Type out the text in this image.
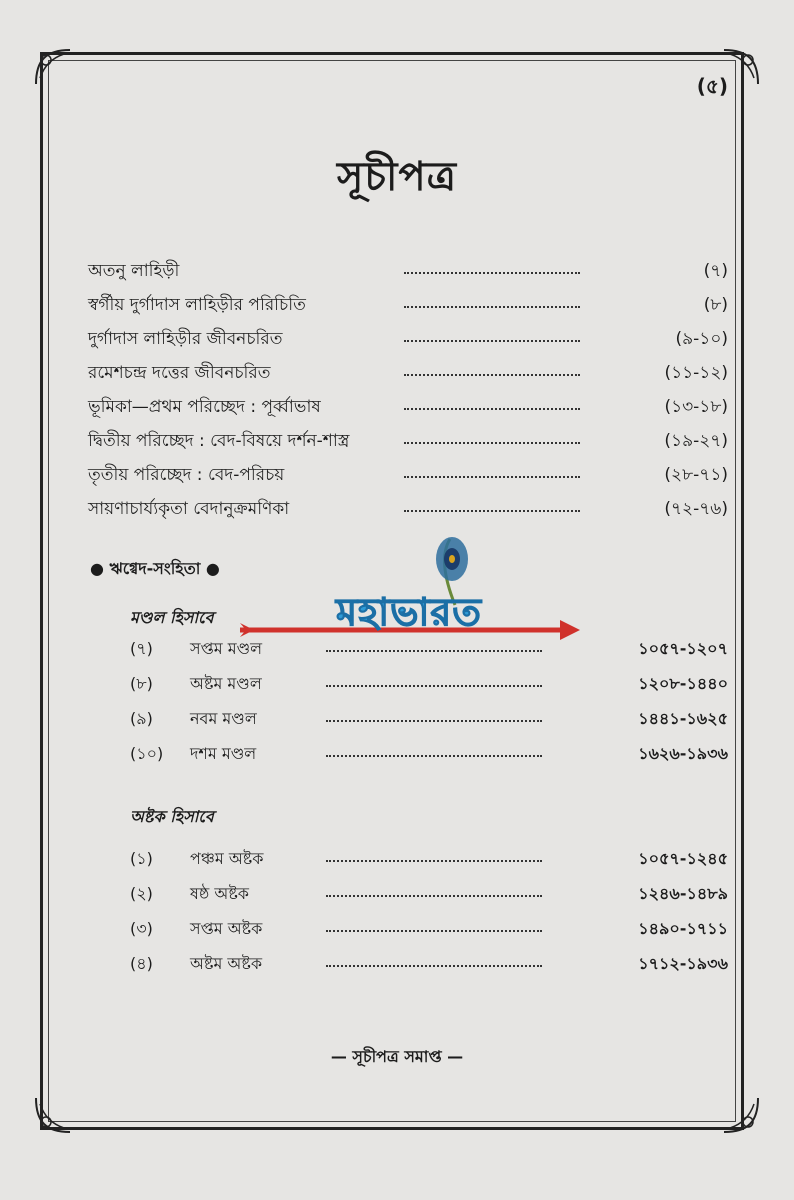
(৫)
সূচীপত্র
অতনু লাহিড়ী	(৭)
স্বর্গীয় দুর্গাদাস লাহিড়ীর পরিচিতি	(৮)
দুর্গাদাস লাহিড়ীর জীবনচরিত	(৯-১০)
রমেশচন্দ্র দত্তের জীবনচরিত	(১১-১২)
ভূমিকা—প্রথম পরিচ্ছেদ : পূর্ব্বাভাষ	(১৩-১৮)
দ্বিতীয় পরিচ্ছেদ : বেদ-বিষয়ে দর্শন-শাস্ত্র	(১৯-২৭)
তৃতীয় পরিচ্ছেদ : বেদ-পরিচয়	(২৮-৭১)
সায়ণাচার্য্যকৃতা বেদানুক্রমণিকা	(৭২-৭৬)
● ঋগ্বেদ-সংহিতা ●
মহাভারত
মণ্ডল হিসাবে
(৭) সপ্তম মণ্ডল	১০৫৭-১২০৭
(৮) অষ্টম মণ্ডল	১২০৮-১৪৪০
(৯) নবম মণ্ডল	১৪৪১-১৬২৫
(১০) দশম মণ্ডল	১৬২৬-১৯৩৬
অষ্টক হিসাবে
(১) পঞ্চম অষ্টক	১০৫৭-১২৪৫
(২) ষষ্ঠ অষ্টক	১২৪৬-১৪৮৯
(৩) সপ্তম অষ্টক	১৪৯০-১৭১১
(৪) অষ্টম অষ্টক	১৭১২-১৯৩৬
— সূচীপত্র সমাপ্ত —
